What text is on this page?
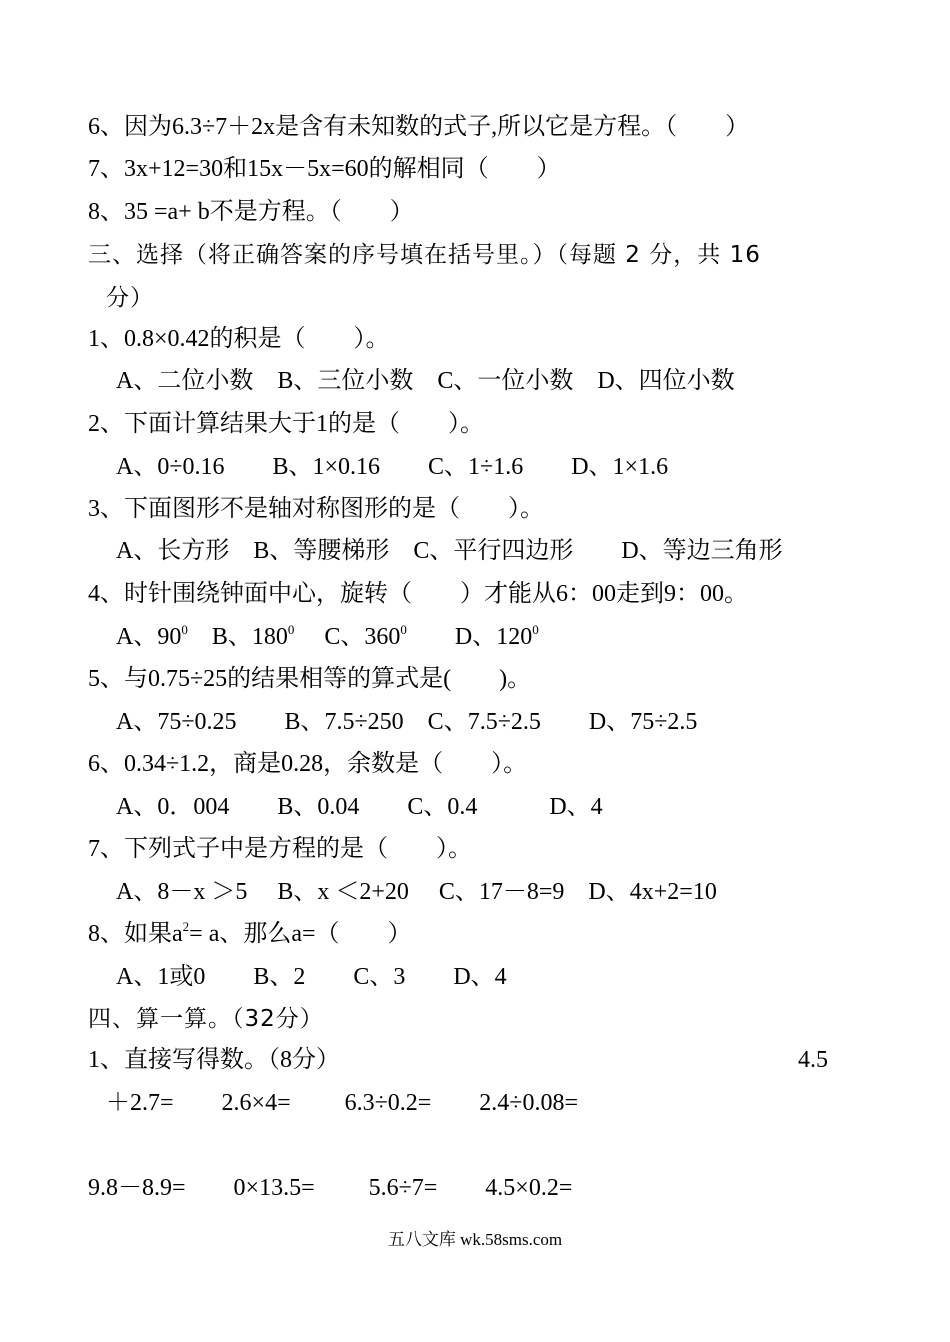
6、因为6.3÷7＋2x是含有未知数的式子,所以它是方程。（　　）
7、3x+12=30和15x－5x=60的解相同（　　）
8、35 =a+ b不是方程。（　　）
三、选择（将正确答案的序号填在括号里。）（每题 2 分，共 16
分）
1、0.8×0.42的积是（　　）。
A、二位小数　B、三位小数　C、一位小数　D、四位小数
2、下面计算结果大于1的是（　　）。
A、0÷0.16　　B、1×0.16　　C、1÷1.6　　D、1×1.6
3、下面图形不是轴对称图形的是（　　）。
A、长方形　B、等腰梯形　C、平行四边形　　D、等边三角形
4、时针围绕钟面中心，旋转（　　）才能从6：00走到9：00。
A、$90^0$　 B、$180^0$　 C、$360^0$　　 D、$120^0$
5、与0.75÷25的结果相等的算式是(　　)。
A、75÷0.25　　B、7.5÷250　C、7.5÷2.5　　D、75÷2.5
6、0.34÷1.2，商是0.28，余数是（　　）。
A、0．004　　B、0.04　　C、0.4　　　D、4
7、下列式子中是方程的是（　　）。
A、8－x ＞5　 B、x ＜2+20　 C、17－8=9　D、4x+2=10
8、如果$a^2= a$、那么a=（　　）
A、1或0　　B、2　　C、3　　D、4
四、算一算。（32分）
1、直接写得数。（8分）	4.5
＋2.7=　　2.6×4=　　 6.3÷0.2=　　2.4÷0.08=
9.8－8.9=　　0×13.5=　　 5.6÷7=　　4.5×0.2=
五八文库 wk.58sms.com
